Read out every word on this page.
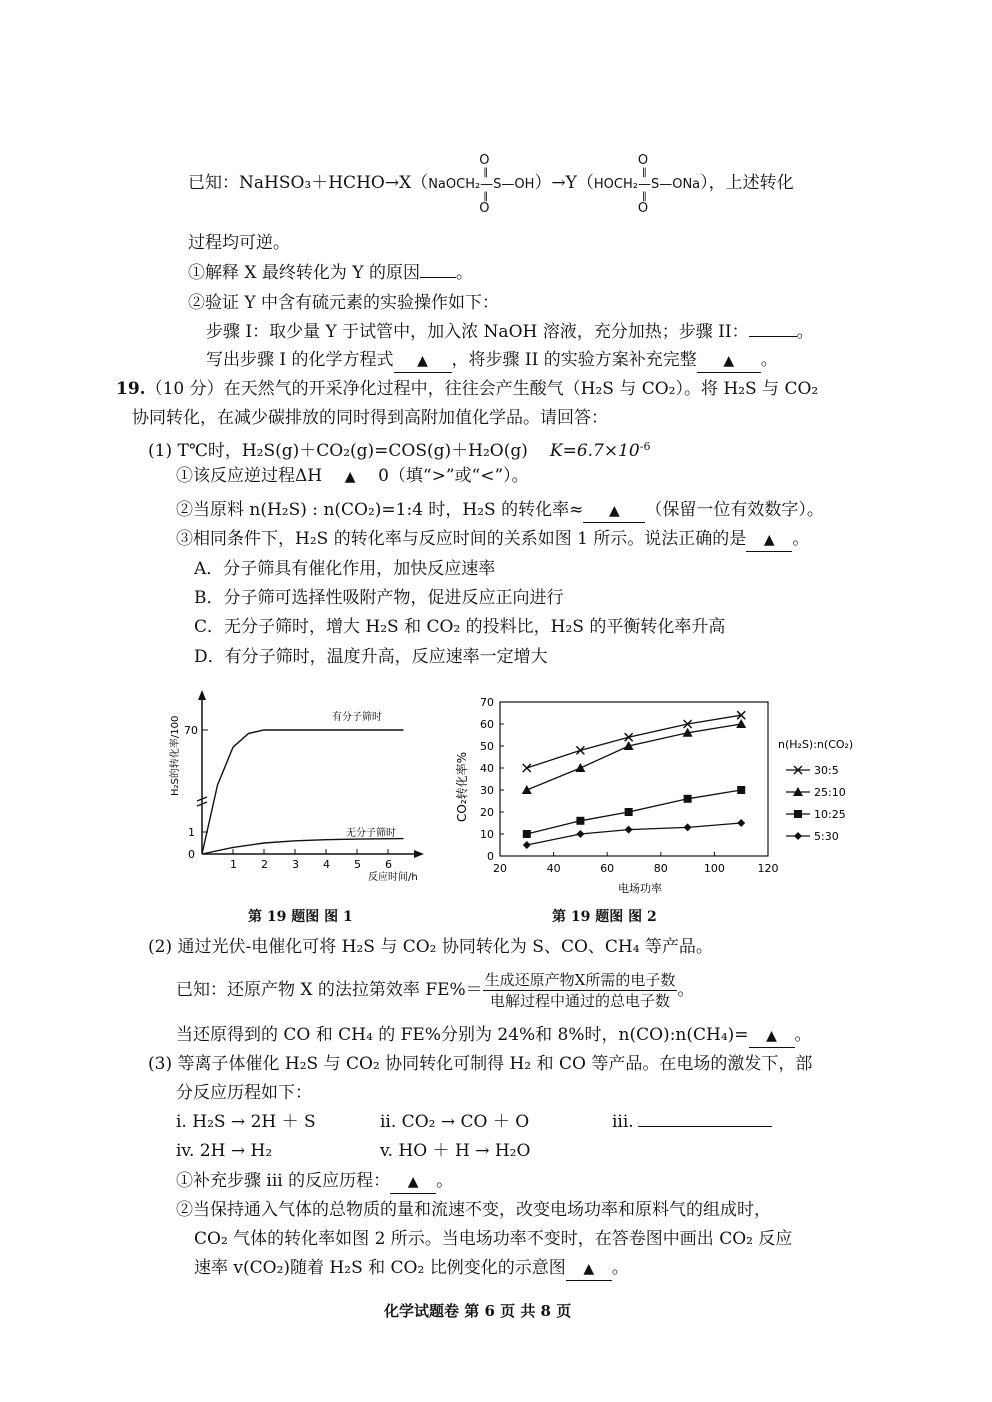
已知：NaHSO₃＋HCHO→X（NaOCH₂—S—OH
O
‖
‖
O
）→Y（HOCH₂—S—ONa
O
‖
‖
O
），上述转化
过程均可逆。
①解释 X 最终转化为 Y 的原因 。
②验证 Y 中含有硫元素的实验操作如下：
步骤 I：取少量 Y 于试管中，加入浓 NaOH 溶液，充分加热；步骤 II：	。
写出步骤 I 的化学方程式 ▲ ，将步骤 II 的实验方案补充完整 ▲ 。
19.（10 分）在天然气的开采净化过程中，往往会产生酸气（H₂S 与 CO₂）。将 H₂S 与 CO₂
协同转化，在减少碳排放的同时得到高附加值化学品。请回答：
(1) T℃时，H₂S(g)＋CO₂(g)=COS(g)＋H₂O(g) $K=6.7\times 10^{-6}$
①该反应逆过程ΔH ▲ 0（填“>”或“<”）。
②当原料 n(H₂S) : n(CO₂)=1:4 时，H₂S 的转化率≈ ▲ （保留一位有效数字）。
③相同条件下，H₂S 的转化率与反应时间的关系如图 1 所示。说法正确的是 ▲ 。
A．分子筛具有催化作用，加快反应速率
B．分子筛可选择性吸附产物，促进反应正向进行
C．无分子筛时，增大 H₂S 和 CO₂ 的投料比，H₂S 的平衡转化率升高
D．有分子筛时，温度升高，反应速率一定增大
70
1
0
H₂S的转化率/100
反应时间/h
有分子筛时
无分子筛时
1 2 3 4 5 6
第 19 题图 图 1
20	40	60	80	100	120
0
10
20
30
40
50
60
70
CO₂转化率%
电场功率
n(H₂S):n(CO₂)
30:5
25:10
10:25
5:30
第 19 题图 图 2
(2) 通过光伏-电催化可将 H₂S 与 CO₂ 协同转化为 S、CO、CH₄ 等产品。
已知：还原产物 X 的法拉第效率 $FE\%= \frac{\text{生成还原产物X所需的电子数}}{\text{电解过程中通过的总电子数}}$ 。
当还原得到的 CO 和 CH₄ 的 FE%分别为 24%和 8%时，n(CO):n(CH₄)= ▲ 。
(3) 等离子体催化 H₂S 与 CO₂ 协同转化可制得 H₂ 和 CO 等产品。在电场的激发下，部
分反应历程如下：
i. H₂S → 2H ＋ S	ii. CO₂ → CO ＋ O	iii.
iv. 2H → H₂	v. HO ＋ H → H₂O
①补充步骤 iii 的反应历程： ▲ 。
②当保持通入气体的总物质的量和流速不变，改变电场功率和原料气的组成时，
CO₂ 气体的转化率如图 2 所示。当电场功率不变时，在答卷图中画出 CO₂ 反应
速率 v(CO₂)随着 H₂S 和 CO₂ 比例变化的示意图 ▲ 。
化学试题卷 第 6 页 共 8 页
